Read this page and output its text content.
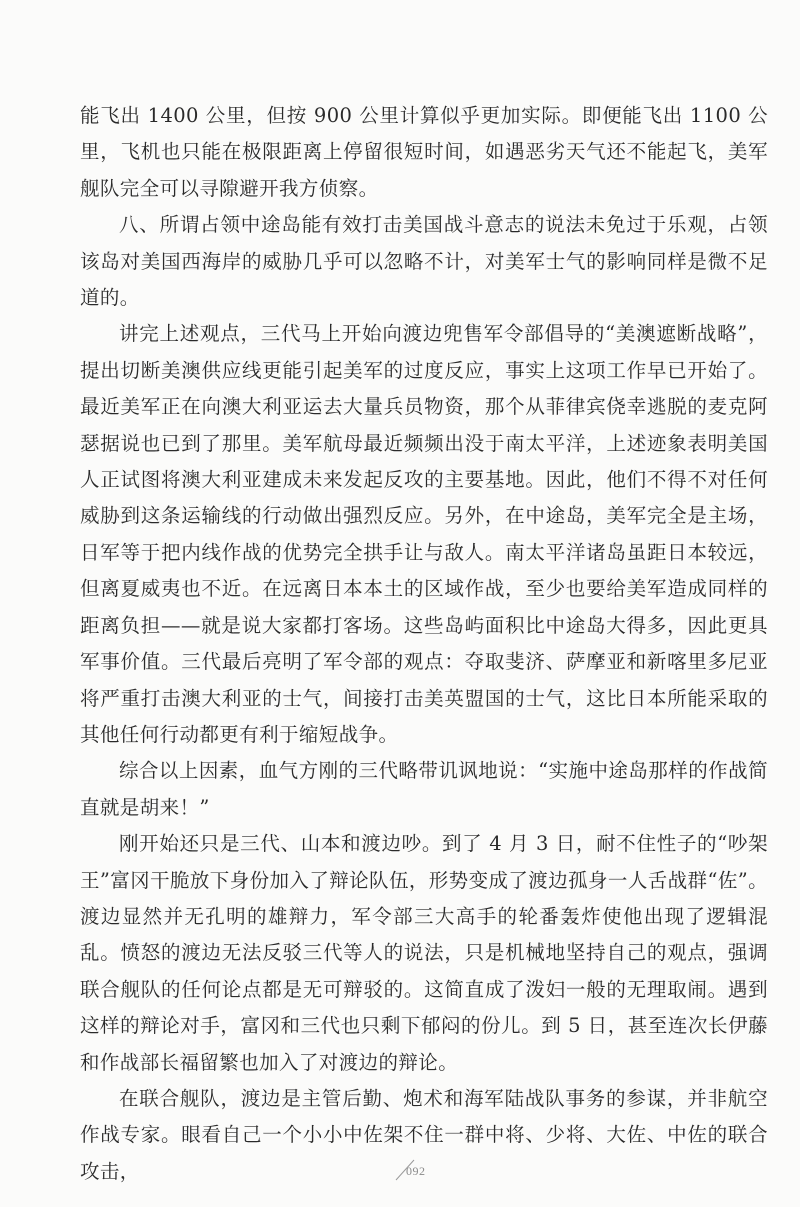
能飞出 1400 公里，但按 900 公里计算似乎更加实际。即便能飞出 1100 公里，飞机也只能在极限距离上停留很短时间，如遇恶劣天气还不能起飞，美军舰队完全可以寻隙避开我方侦察。

八、所谓占领中途岛能有效打击美国战斗意志的说法未免过于乐观，占领该岛对美国西海岸的威胁几乎可以忽略不计，对美军士气的影响同样是微不足道的。

讲完上述观点，三代马上开始向渡边兜售军令部倡导的“美澳遮断战略”，提出切断美澳供应线更能引起美军的过度反应，事实上这项工作早已开始了。最近美军正在向澳大利亚运去大量兵员物资，那个从菲律宾侥幸逃脱的麦克阿瑟据说也已到了那里。美军航母最近频频出没于南太平洋，上述迹象表明美国人正试图将澳大利亚建成未来发起反攻的主要基地。因此，他们不得不对任何威胁到这条运输线的行动做出强烈反应。另外，在中途岛，美军完全是主场，日军等于把内线作战的优势完全拱手让与敌人。南太平洋诸岛虽距日本较远，但离夏威夷也不近。在远离日本本土的区域作战，至少也要给美军造成同样的距离负担——就是说大家都打客场。这些岛屿面积比中途岛大得多，因此更具军事价值。三代最后亮明了军令部的观点：夺取斐济、萨摩亚和新喀里多尼亚将严重打击澳大利亚的士气，间接打击美英盟国的士气，这比日本所能采取的其他任何行动都更有利于缩短战争。

综合以上因素，血气方刚的三代略带讥讽地说：“实施中途岛那样的作战简直就是胡来！”

刚开始还只是三代、山本和渡边吵。到了 4 月 3 日，耐不住性子的“吵架王”富冈干脆放下身份加入了辩论队伍，形势变成了渡边孤身一人舌战群“佐”。渡边显然并无孔明的雄辩力，军令部三大高手的轮番轰炸使他出现了逻辑混乱。愤怒的渡边无法反驳三代等人的说法，只是机械地坚持自己的观点，强调联合舰队的任何论点都是无可辩驳的。这简直成了泼妇一般的无理取闹。遇到这样的辩论对手，富冈和三代也只剩下郁闷的份儿。到 5 日，甚至连次长伊藤和作战部长福留繁也加入了对渡边的辩论。

在联合舰队，渡边是主管后勤、炮术和海军陆战队事务的参谋，并非航空作战专家。眼看自己一个小小中佐架不住一群中将、少将、大佐、中佐的联合攻击，	092
